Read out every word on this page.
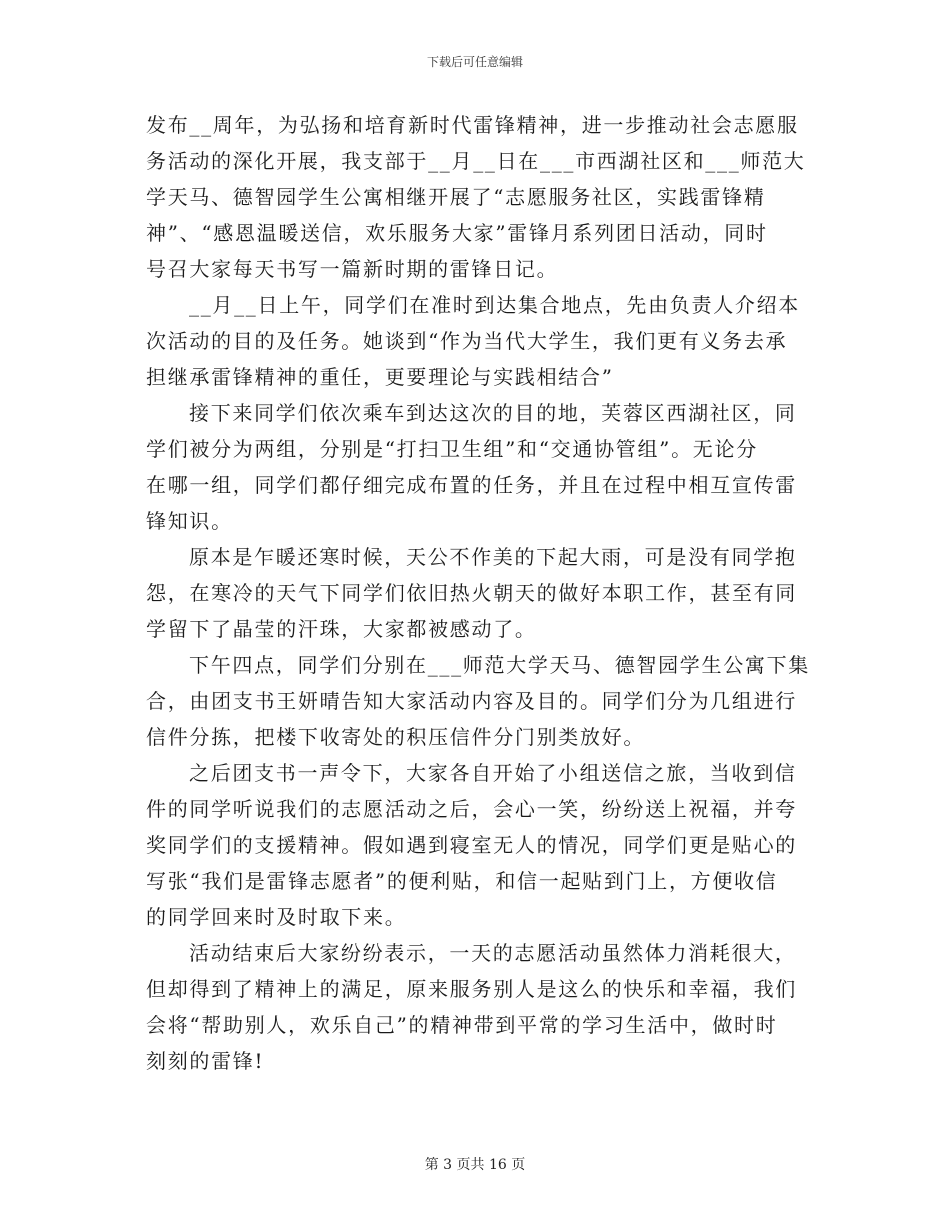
下载后可任意编辑

发布__周年，为弘扬和培育新时代雷锋精神，进一步推动社会志愿服
务活动的深化开展，我支部于__月__日在___市西湖社区和___师范大
学天马、德智园学生公寓相继开展了“志愿服务社区，实践雷锋精
神”、“感恩温暖送信，欢乐服务大家”雷锋月系列团日活动，同时
号召大家每天书写一篇新时期的雷锋日记。

__月__日上午，同学们在准时到达集合地点，先由负责人介绍本
次活动的目的及任务。她谈到“作为当代大学生，我们更有义务去承
担继承雷锋精神的重任，更要理论与实践相结合”

接下来同学们依次乘车到达这次的目的地，芙蓉区西湖社区，同
学们被分为两组，分别是“打扫卫生组”和“交通协管组”。无论分
在哪一组，同学们都仔细完成布置的任务，并且在过程中相互宣传雷
锋知识。

原本是乍暖还寒时候，天公不作美的下起大雨，可是没有同学抱
怨，在寒冷的天气下同学们依旧热火朝天的做好本职工作，甚至有同
学留下了晶莹的汗珠，大家都被感动了。

下午四点，同学们分别在___师范大学天马、德智园学生公寓下集
合，由团支书王妍晴告知大家活动内容及目的。同学们分为几组进行
信件分拣，把楼下收寄处的积压信件分门别类放好。

之后团支书一声令下，大家各自开始了小组送信之旅，当收到信
件的同学听说我们的志愿活动之后，会心一笑，纷纷送上祝福，并夸
奖同学们的支援精神。假如遇到寝室无人的情况，同学们更是贴心的
写张“我们是雷锋志愿者”的便利贴，和信一起贴到门上，方便收信
的同学回来时及时取下来。

活动结束后大家纷纷表示，一天的志愿活动虽然体力消耗很大，
但却得到了精神上的满足，原来服务别人是这么的快乐和幸福，我们
会将“帮助别人，欢乐自己”的精神带到平常的学习生活中，做时时
刻刻的雷锋!

第 3 页共 16 页
